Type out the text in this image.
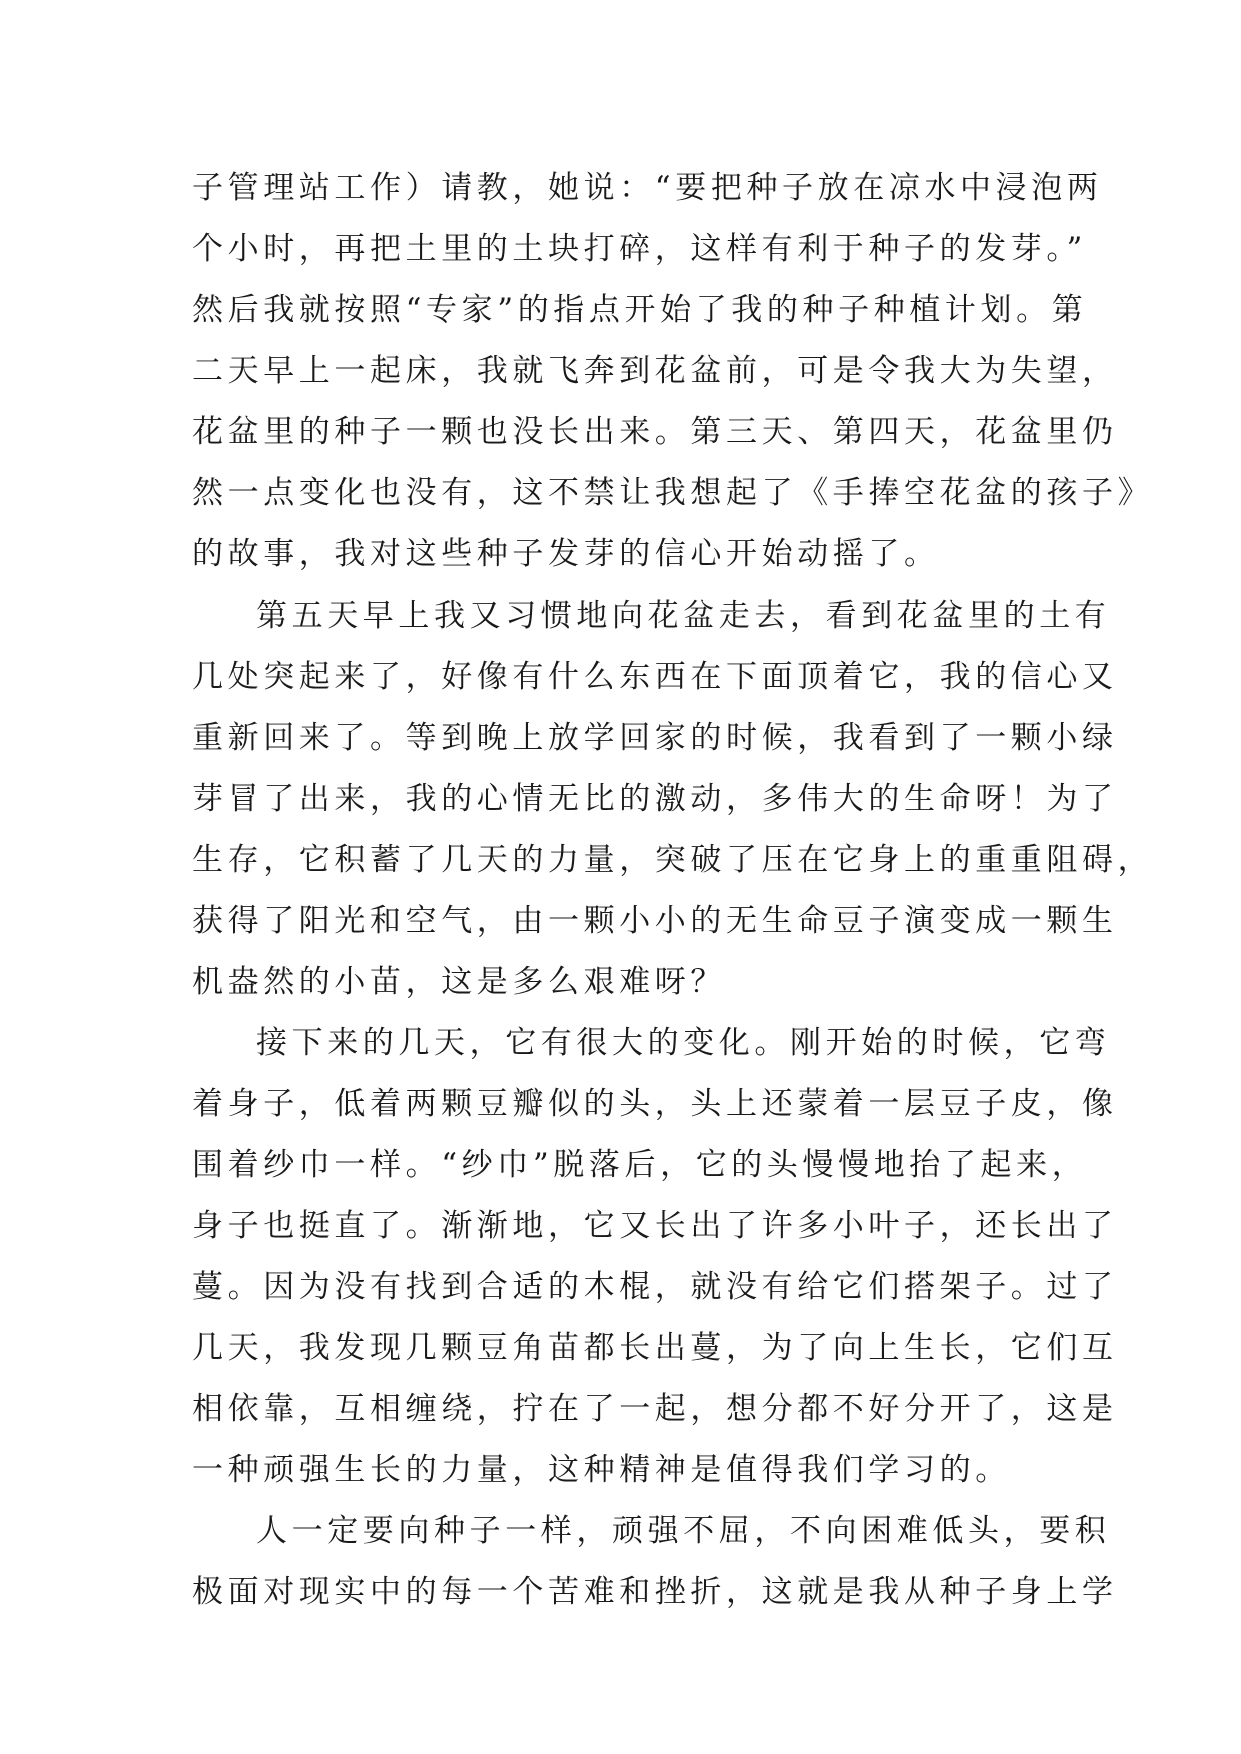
子管理站工作）请教，她说：“要把种子放在凉水中浸泡两
个小时，再把土里的土块打碎，这样有利于种子的发芽。”
然后我就按照“专家”的指点开始了我的种子种植计划。第
二天早上一起床，我就飞奔到花盆前，可是令我大为失望，
花盆里的种子一颗也没长出来。第三天、第四天，花盆里仍
然一点变化也没有，这不禁让我想起了《手捧空花盆的孩子》
的故事，我对这些种子发芽的信心开始动摇了。
第五天早上我又习惯地向花盆走去，看到花盆里的土有
几处突起来了，好像有什么东西在下面顶着它，我的信心又
重新回来了。等到晚上放学回家的时候，我看到了一颗小绿
芽冒了出来，我的心情无比的激动，多伟大的生命呀！为了
生存，它积蓄了几天的力量，突破了压在它身上的重重阻碍，
获得了阳光和空气，由一颗小小的无生命豆子演变成一颗生
机盎然的小苗，这是多么艰难呀？
接下来的几天，它有很大的变化。刚开始的时候，它弯
着身子，低着两颗豆瓣似的头，头上还蒙着一层豆子皮，像
围着纱巾一样。“纱巾”脱落后，它的头慢慢地抬了起来，
身子也挺直了。渐渐地，它又长出了许多小叶子，还长出了
蔓。因为没有找到合适的木棍，就没有给它们搭架子。过了
几天，我发现几颗豆角苗都长出蔓，为了向上生长，它们互
相依靠，互相缠绕，拧在了一起，想分都不好分开了，这是
一种顽强生长的力量，这种精神是值得我们学习的。
人一定要向种子一样，顽强不屈，不向困难低头，要积
极面对现实中的每一个苦难和挫折，这就是我从种子身上学
